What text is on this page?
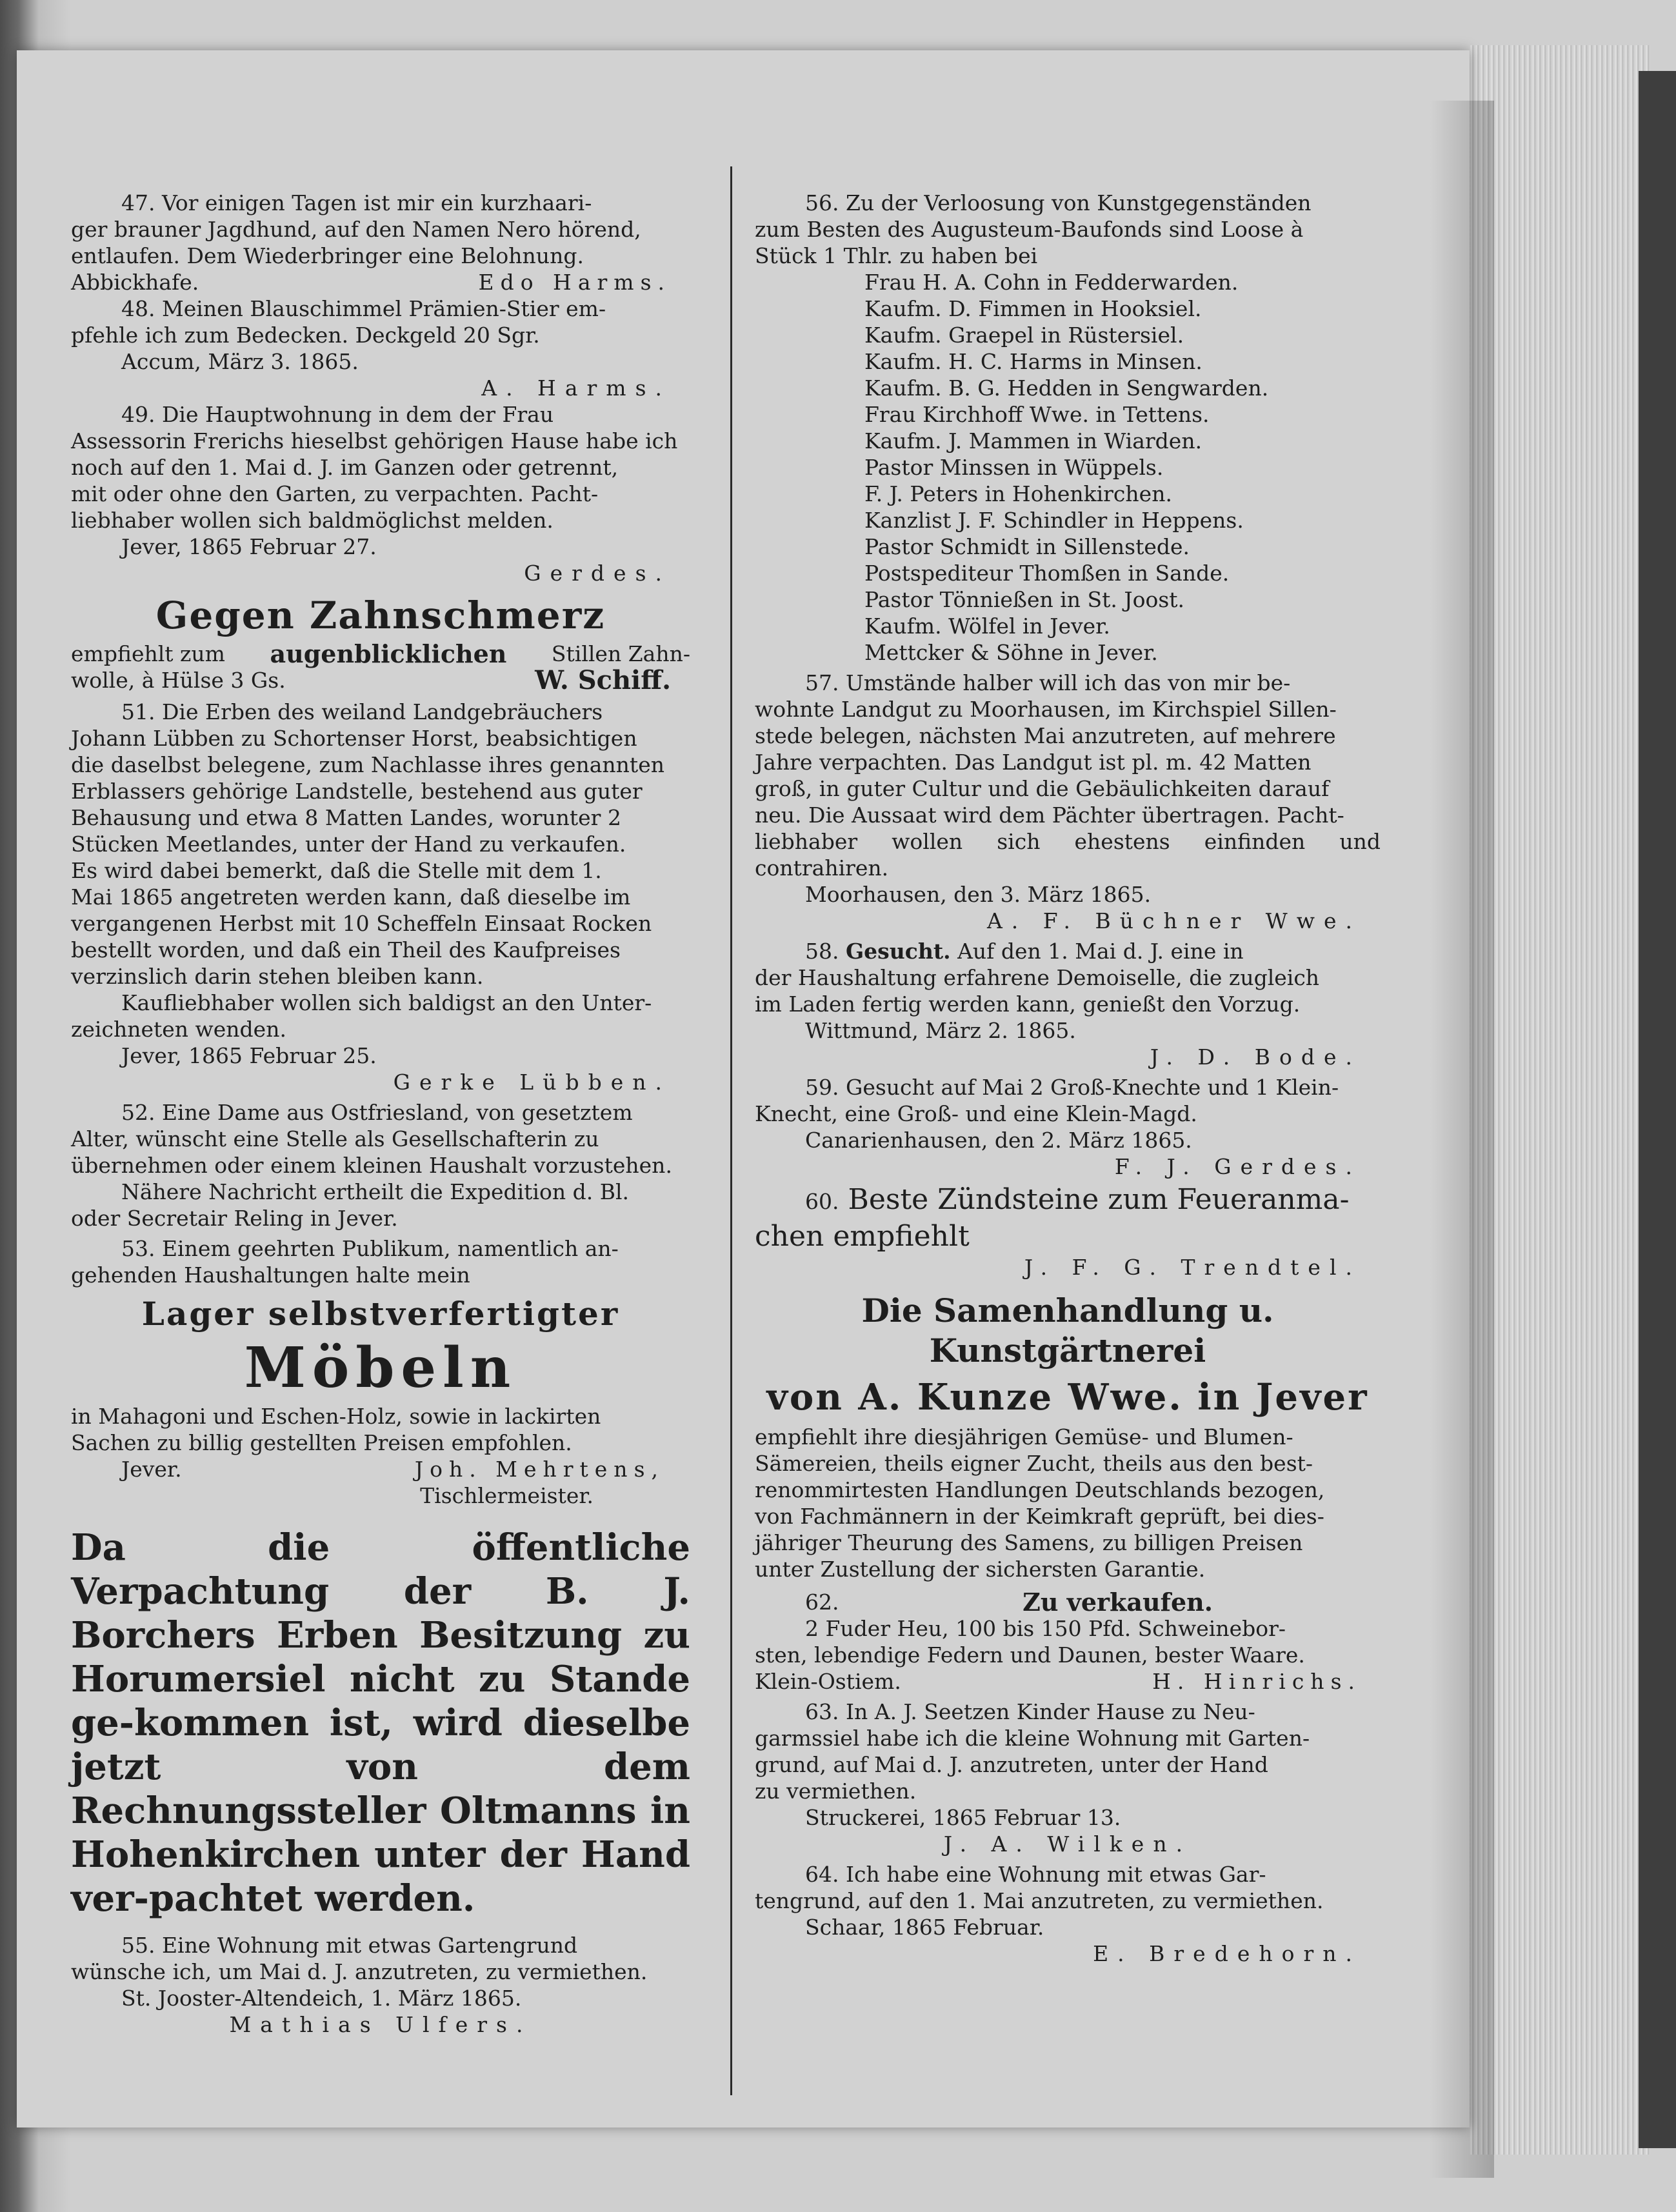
47. Vor einigen Tagen ist mir ein kurzhaari-
ger brauner Jagdhund, auf den Namen Nero hörend,
entlaufen. Dem Wiederbringer eine Belohnung.
Abbickhafe.	Edo Harms.
48. Meinen Blauschimmel Prämien-Stier em-
pfehle ich zum Bedecken. Deckgeld 20 Sgr.
Accum, März 3. 1865.
A. Harms.
49. Die Hauptwohnung in dem der Frau
Assessorin Frerichs hieselbst gehörigen Hause habe ich
noch auf den 1. Mai d. J. im Ganzen oder getrennt,
mit oder ohne den Garten, zu verpachten. Pacht-
liebhaber wollen sich baldmöglichst melden.
Jever, 1865 Februar 27.
Gerdes.
Gegen Zahnschmerz
empfiehlt zum augenblicklichen Stillen Zahn-
wolle, à Hülse 3 Gs.	W. Schiff.
51. Die Erben des weiland Landgebräuchers
Johann Lübben zu Schortenser Horst, beabsichtigen
die daselbst belegene, zum Nachlasse ihres genannten
Erblassers gehörige Landstelle, bestehend aus guter
Behausung und etwa 8 Matten Landes, worunter 2
Stücken Meetlandes, unter der Hand zu verkaufen.
Es wird dabei bemerkt, daß die Stelle mit dem 1.
Mai 1865 angetreten werden kann, daß dieselbe im
vergangenen Herbst mit 10 Scheffeln Einsaat Rocken
bestellt worden, und daß ein Theil des Kaufpreises
verzinslich darin stehen bleiben kann.
Kaufliebhaber wollen sich baldigst an den Unter-
zeichneten wenden.
Jever, 1865 Februar 25.
Gerke Lübben.
52. Eine Dame aus Ostfriesland, von gesetztem
Alter, wünscht eine Stelle als Gesellschafterin zu
übernehmen oder einem kleinen Haushalt vorzustehen.
Nähere Nachricht ertheilt die Expedition d. Bl.
oder Secretair Reling in Jever.
53. Einem geehrten Publikum, namentlich an-
gehenden Haushaltungen halte mein
Lager selbstverfertigter
Möbeln
in Mahagoni und Eschen-Holz, sowie in lackirten
Sachen zu billig gestellten Preisen empfohlen.
Jever.	Joh. Mehrtens,
Tischlermeister.
Da die öffentliche Verpachtung der B. J. Borchers Erben Besitzung zu Horumersiel nicht zu Stande ge-kommen ist, wird dieselbe jetzt von dem Rechnungssteller Oltmanns in Hohenkirchen unter der Hand ver-pachtet werden.
55. Eine Wohnung mit etwas Gartengrund
wünsche ich, um Mai d. J. anzutreten, zu vermiethen.
St. Jooster-Altendeich, 1. März 1865.
Mathias Ulfers.
56. Zu der Verloosung von Kunstgegenständen
zum Besten des Augusteum-Baufonds sind Loose à
Stück 1 Thlr. zu haben bei
Frau H. A. Cohn in Fedderwarden.
Kaufm. D. Fimmen in Hooksiel.
Kaufm. Graepel in Rüstersiel.
Kaufm. H. C. Harms in Minsen.
Kaufm. B. G. Hedden in Sengwarden.
Frau Kirchhoff Wwe. in Tettens.
Kaufm. J. Mammen in Wiarden.
Pastor Minssen in Wüppels.
F. J. Peters in Hohenkirchen.
Kanzlist J. F. Schindler in Heppens.
Pastor Schmidt in Sillenstede.
Postspediteur Thomßen in Sande.
Pastor Tönnießen in St. Joost.
Kaufm. Wölfel in Jever.
Mettcker & Söhne in Jever.
57. Umstände halber will ich das von mir be-
wohnte Landgut zu Moorhausen, im Kirchspiel Sillen-
stede belegen, nächsten Mai anzutreten, auf mehrere
Jahre verpachten. Das Landgut ist pl. m. 42 Matten
groß, in guter Cultur und die Gebäulichkeiten darauf
neu. Die Aussaat wird dem Pächter übertragen. Pacht-
liebhaber wollen sich ehestens einfinden und contrahiren.
Moorhausen, den 3. März 1865.
A. F. Büchner Wwe.
58. Gesucht. Auf den 1. Mai d. J. eine in
der Haushaltung erfahrene Demoiselle, die zugleich
im Laden fertig werden kann, genießt den Vorzug.
Wittmund, März 2. 1865.
J. D. Bode.
59. Gesucht auf Mai 2 Groß-Knechte und 1 Klein-
Knecht, eine Groß- und eine Klein-Magd.
Canarienhausen, den 2. März 1865.
F. J. Gerdes.
60. Beste Zündsteine zum Feueranma-
chen empfiehlt
J. F. G. Trendtel.
Die Samenhandlung u. Kunstgärtnerei
von A. Kunze Wwe. in Jever
empfiehlt ihre diesjährigen Gemüse- und Blumen-
Sämereien, theils eigner Zucht, theils aus den best-
renommirtesten Handlungen Deutschlands bezogen,
von Fachmännern in der Keimkraft geprüft, bei dies-
jähriger Theurung des Samens, zu billigen Preisen
unter Zustellung der sichersten Garantie.
62.	Zu verkaufen.
2 Fuder Heu, 100 bis 150 Pfd. Schweinebor-
sten, lebendige Federn und Daunen, bester Waare.
Klein-Ostiem.	H. Hinrichs.
63. In A. J. Seetzen Kinder Hause zu Neu-
garmssiel habe ich die kleine Wohnung mit Garten-
grund, auf Mai d. J. anzutreten, unter der Hand
zu vermiethen.
Struckerei, 1865 Februar 13.
J. A. Wilken.
64. Ich habe eine Wohnung mit etwas Gar-
tengrund, auf den 1. Mai anzutreten, zu vermiethen.
Schaar, 1865 Februar.
E. Bredehorn.
